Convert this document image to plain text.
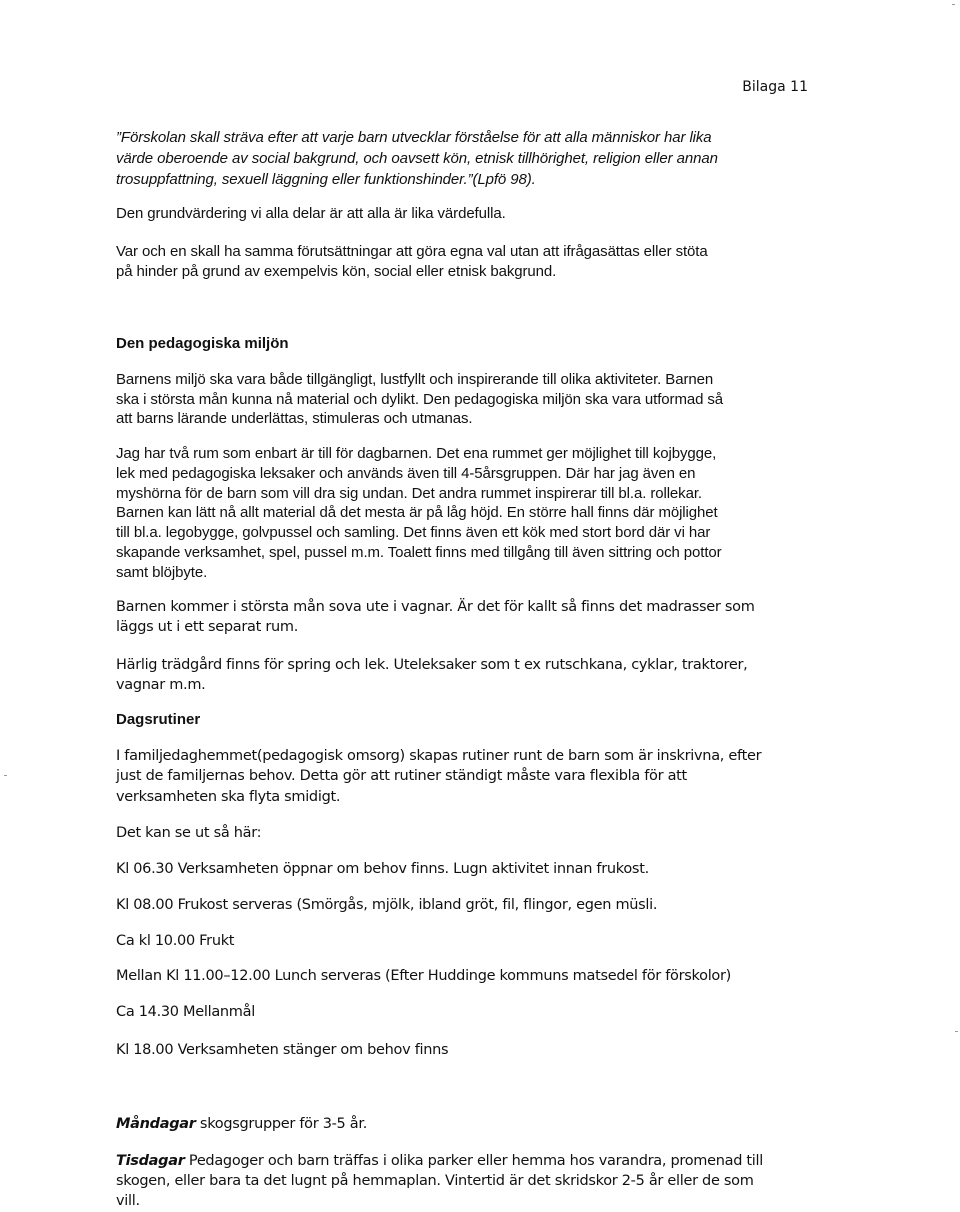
Bilaga 11
”Förskolan skall sträva efter att varje barn utvecklar förståelse för att alla människor har lika
värde oberoende av social bakgrund, och oavsett kön, etnisk tillhörighet, religion eller annan
trosuppfattning, sexuell läggning eller funktionshinder.”(Lpfö 98).
Den grundvärdering vi alla delar är att alla är lika värdefulla.
Var och en skall ha samma förutsättningar att göra egna val utan att ifrågasättas eller stöta
på hinder på grund av exempelvis kön, social eller etnisk bakgrund.
Den pedagogiska miljön
Barnens miljö ska vara både tillgängligt, lustfyllt och inspirerande till olika aktiviteter. Barnen
ska i största mån kunna nå material och dylikt. Den pedagogiska miljön ska vara utformad så
att barns lärande underlättas, stimuleras och utmanas.
Jag har två rum som enbart är till för dagbarnen. Det ena rummet ger möjlighet till kojbygge,
lek med pedagogiska leksaker och används även till 4-5årsgruppen. Där har jag även en
myshörna för de barn som vill dra sig undan. Det andra rummet inspirerar till bl.a. rollekar.
Barnen kan lätt nå allt material då det mesta är på låg höjd. En större hall finns där möjlighet
till bl.a. legobygge, golvpussel och samling. Det finns även ett kök med stort bord där vi har
skapande verksamhet, spel, pussel m.m. Toalett finns med tillgång till även sittring och pottor
samt blöjbyte.
Barnen kommer i största mån sova ute i vagnar. Är det för kallt så finns det madrasser som
läggs ut i ett separat rum.
Härlig trädgård finns för spring och lek. Uteleksaker som t ex rutschkana, cyklar, traktorer,
vagnar m.m.
Dagsrutiner
I familjedaghemmet(pedagogisk omsorg) skapas rutiner runt de barn som är inskrivna, efter
just de familjernas behov. Detta gör att rutiner ständigt måste vara flexibla för att
verksamheten ska flyta smidigt.
Det kan se ut så här:
Kl 06.30 Verksamheten öppnar om behov finns. Lugn aktivitet innan frukost.
Kl 08.00 Frukost serveras (Smörgås, mjölk, ibland gröt, fil, flingor, egen müsli.
Ca kl 10.00 Frukt
Mellan Kl 11.00–12.00 Lunch serveras (Efter Huddinge kommuns matsedel för förskolor)
Ca 14.30 Mellanmål
Kl 18.00 Verksamheten stänger om behov finns
Måndagar skogsgrupper för 3-5 år.
Tisdagar Pedagoger och barn träffas i olika parker eller hemma hos varandra, promenad till
skogen, eller bara ta det lugnt på hemmaplan. Vintertid är det skridskor 2-5 år eller de som
vill.
